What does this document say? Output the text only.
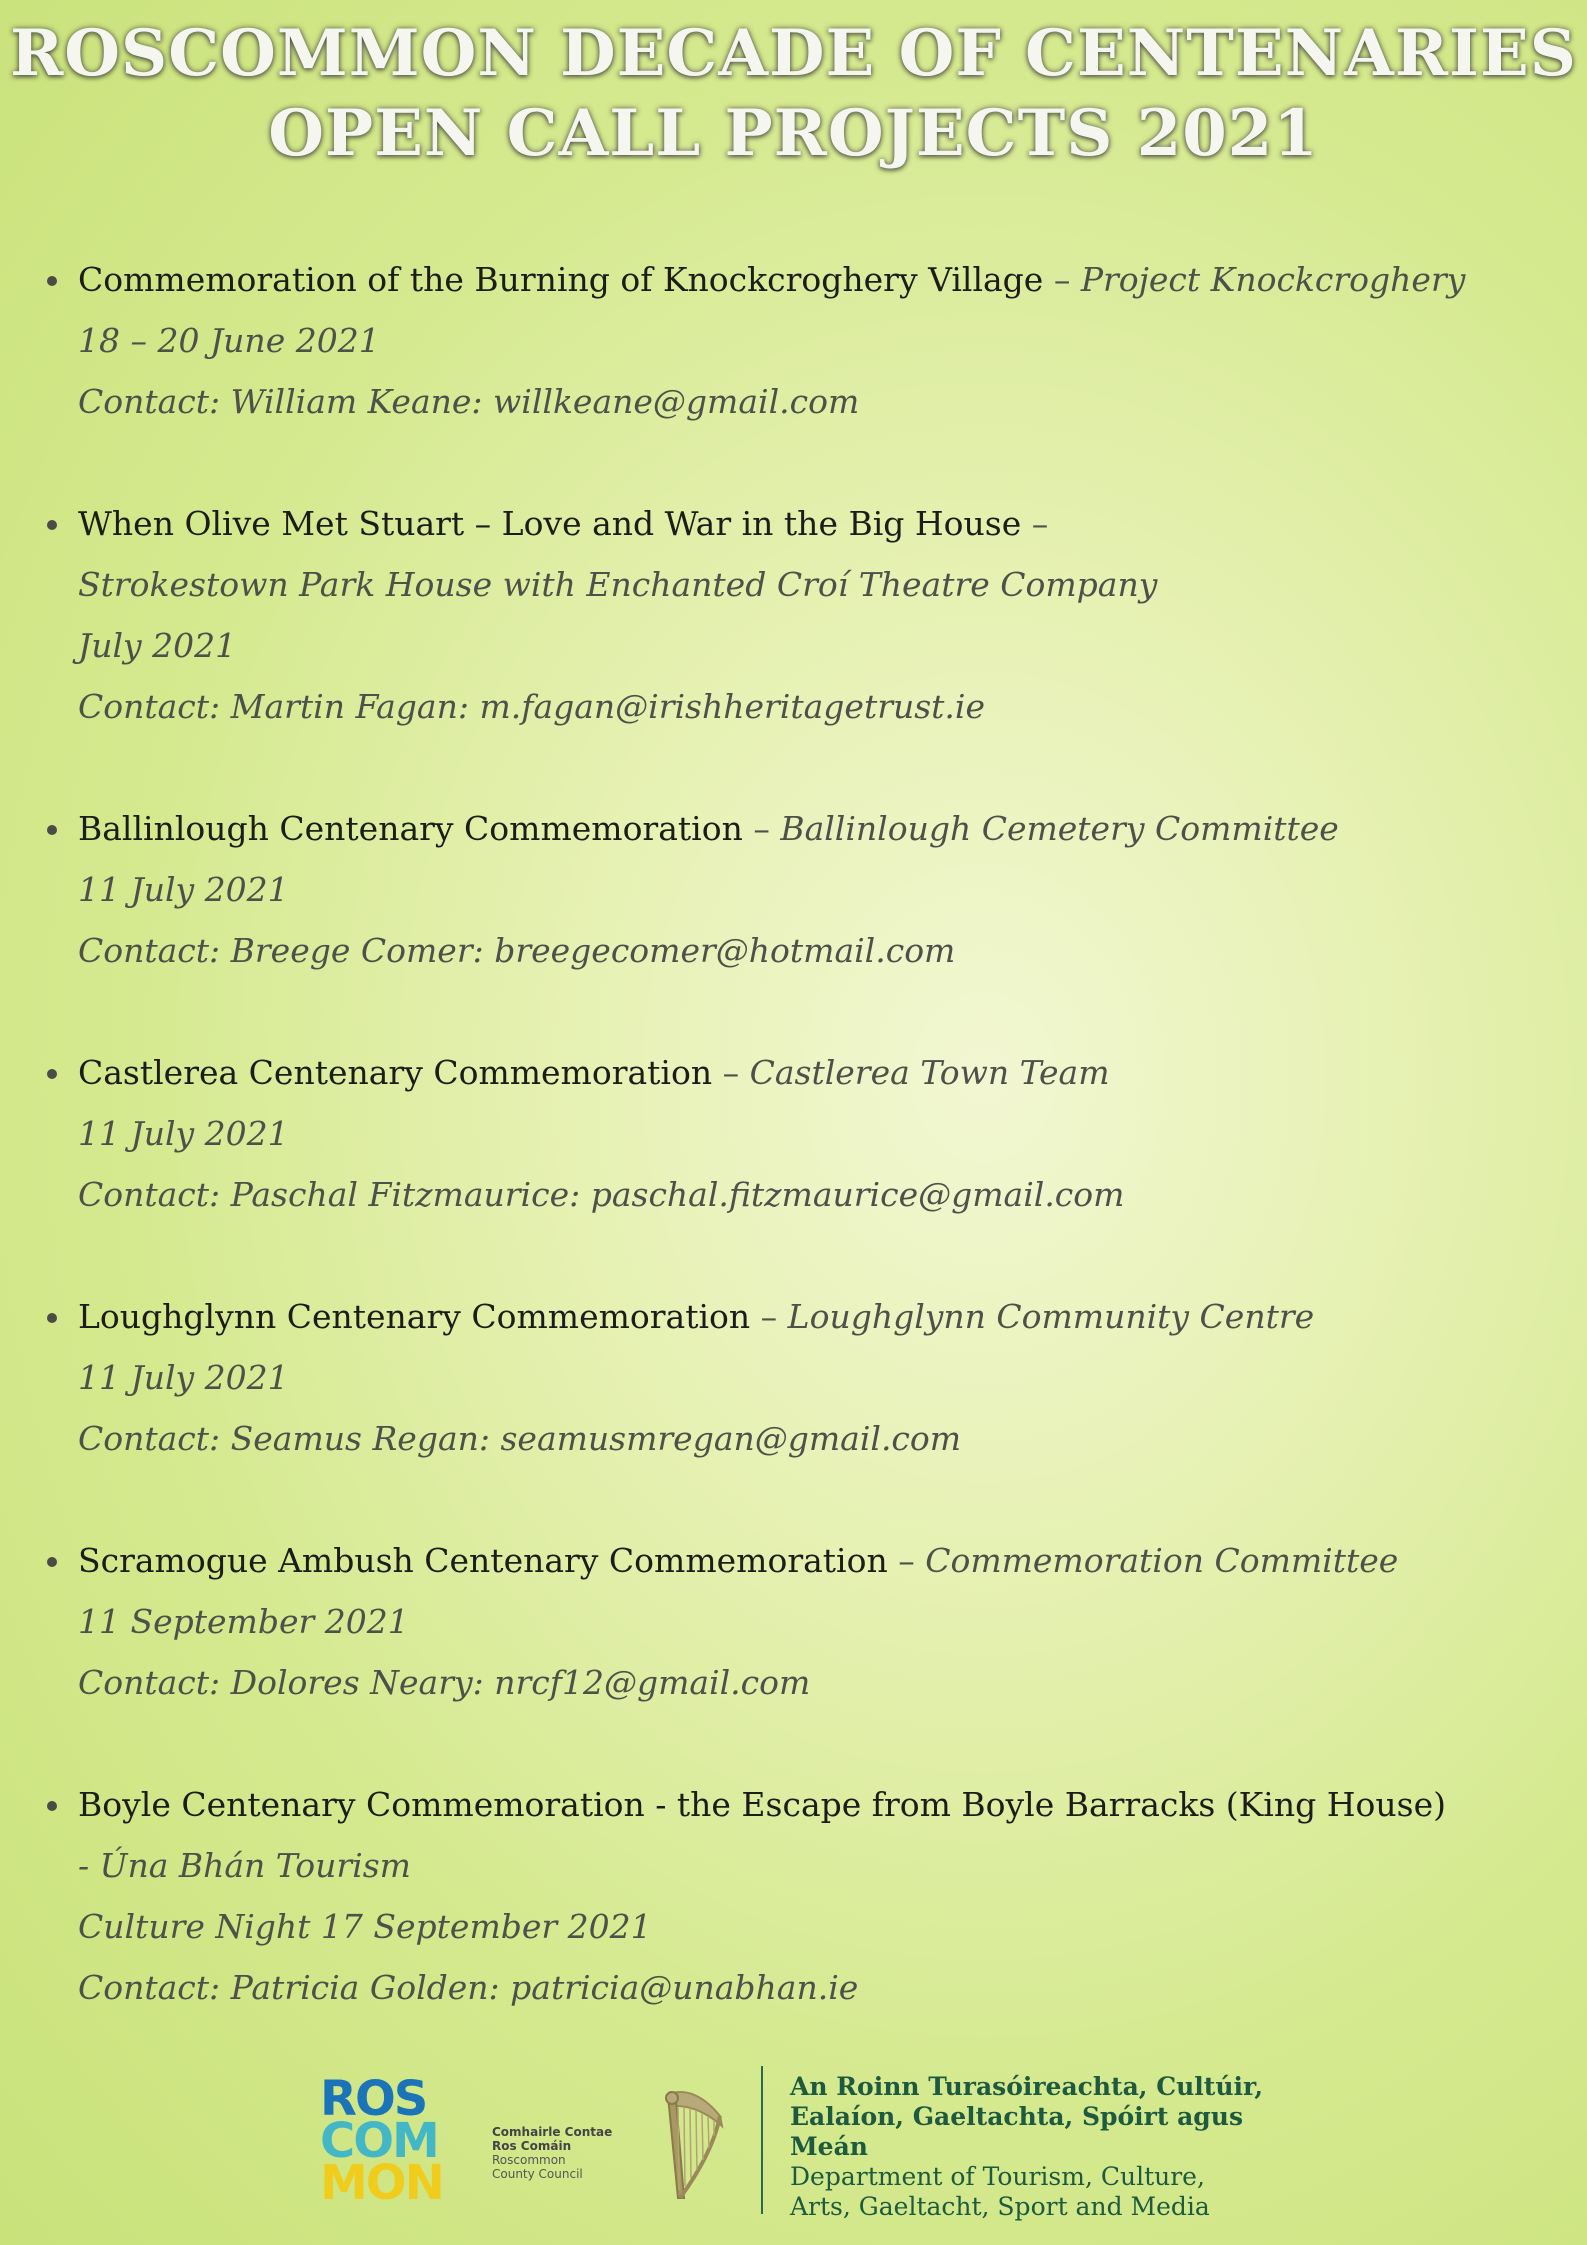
ROSCOMMON DECADE OF CENTENARIES
OPEN CALL PROJECTS 2021
Commemoration of the Burning of Knockcroghery Village – Project Knockcroghery
18 – 20 June 2021
Contact: William Keane: willkeane@gmail.com
When Olive Met Stuart – Love and War in the Big House –
Strokestown Park House with Enchanted Croí Theatre Company
July 2021
Contact: Martin Fagan: m.fagan@irishheritagetrust.ie
Ballinlough Centenary Commemoration – Ballinlough Cemetery Committee
11 July 2021
Contact: Breege Comer: breegecomer@hotmail.com
Castlerea Centenary Commemoration – Castlerea Town Team
11 July 2021
Contact: Paschal Fitzmaurice: paschal.fitzmaurice@gmail.com
Loughglynn Centenary Commemoration – Loughglynn Community Centre
11 July 2021
Contact: Seamus Regan: seamusmregan@gmail.com
Scramogue Ambush Centenary Commemoration – Commemoration Committee
11 September 2021
Contact: Dolores Neary: nrcf12@gmail.com
Boyle Centenary Commemoration - the Escape from Boyle Barracks (King House)
- Úna Bhán Tourism
Culture Night 17 September 2021
Contact: Patricia Golden: patricia@unabhan.ie
ROS
COM
MON
Comhairle Contae
Ros Comáin
Roscommon
County Council
An Roinn Turasóireachta, Cultúir,
Ealaíon, Gaeltachta, Spóirt agus Meán
Department of Tourism, Culture,
Arts, Gaeltacht, Sport and Media
